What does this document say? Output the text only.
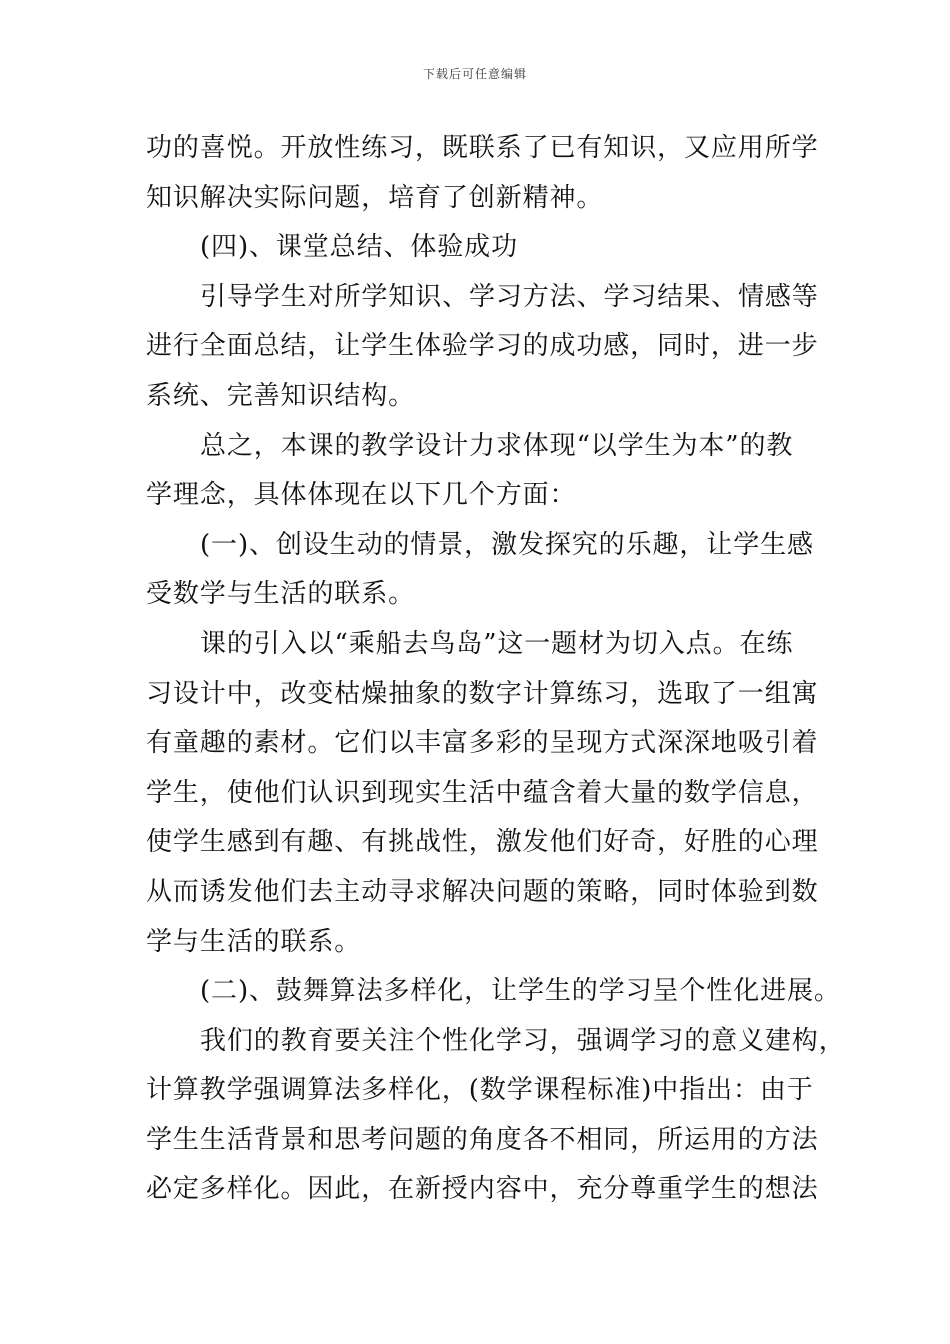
下载后可任意编辑
功的喜悦。开放性练习，既联系了已有知识，又应用所学
知识解决实际问题，培育了创新精神。
(四)、课堂总结、体验成功
引导学生对所学知识、学习方法、学习结果、情感等
进行全面总结，让学生体验学习的成功感，同时，进一步
系统、完善知识结构。
总之，本课的教学设计力求体现“以学生为本”的教
学理念，具体体现在以下几个方面：
(一)、创设生动的情景，激发探究的乐趣，让学生感
受数学与生活的联系。
课的引入以“乘船去鸟岛”这一题材为切入点。在练
习设计中，改变枯燥抽象的数字计算练习，选取了一组寓
有童趣的素材。它们以丰富多彩的呈现方式深深地吸引着
学生，使他们认识到现实生活中蕴含着大量的数学信息，
使学生感到有趣、有挑战性，激发他们好奇，好胜的心理
从而诱发他们去主动寻求解决问题的策略，同时体验到数
学与生活的联系。
(二)、鼓舞算法多样化，让学生的学习呈个性化进展。
我们的教育要关注个性化学习，强调学习的意义建构，
计算教学强调算法多样化，(数学课程标准)中指出：由于
学生生活背景和思考问题的角度各不相同，所运用的方法
必定多样化。因此，在新授内容中，充分尊重学生的想法
